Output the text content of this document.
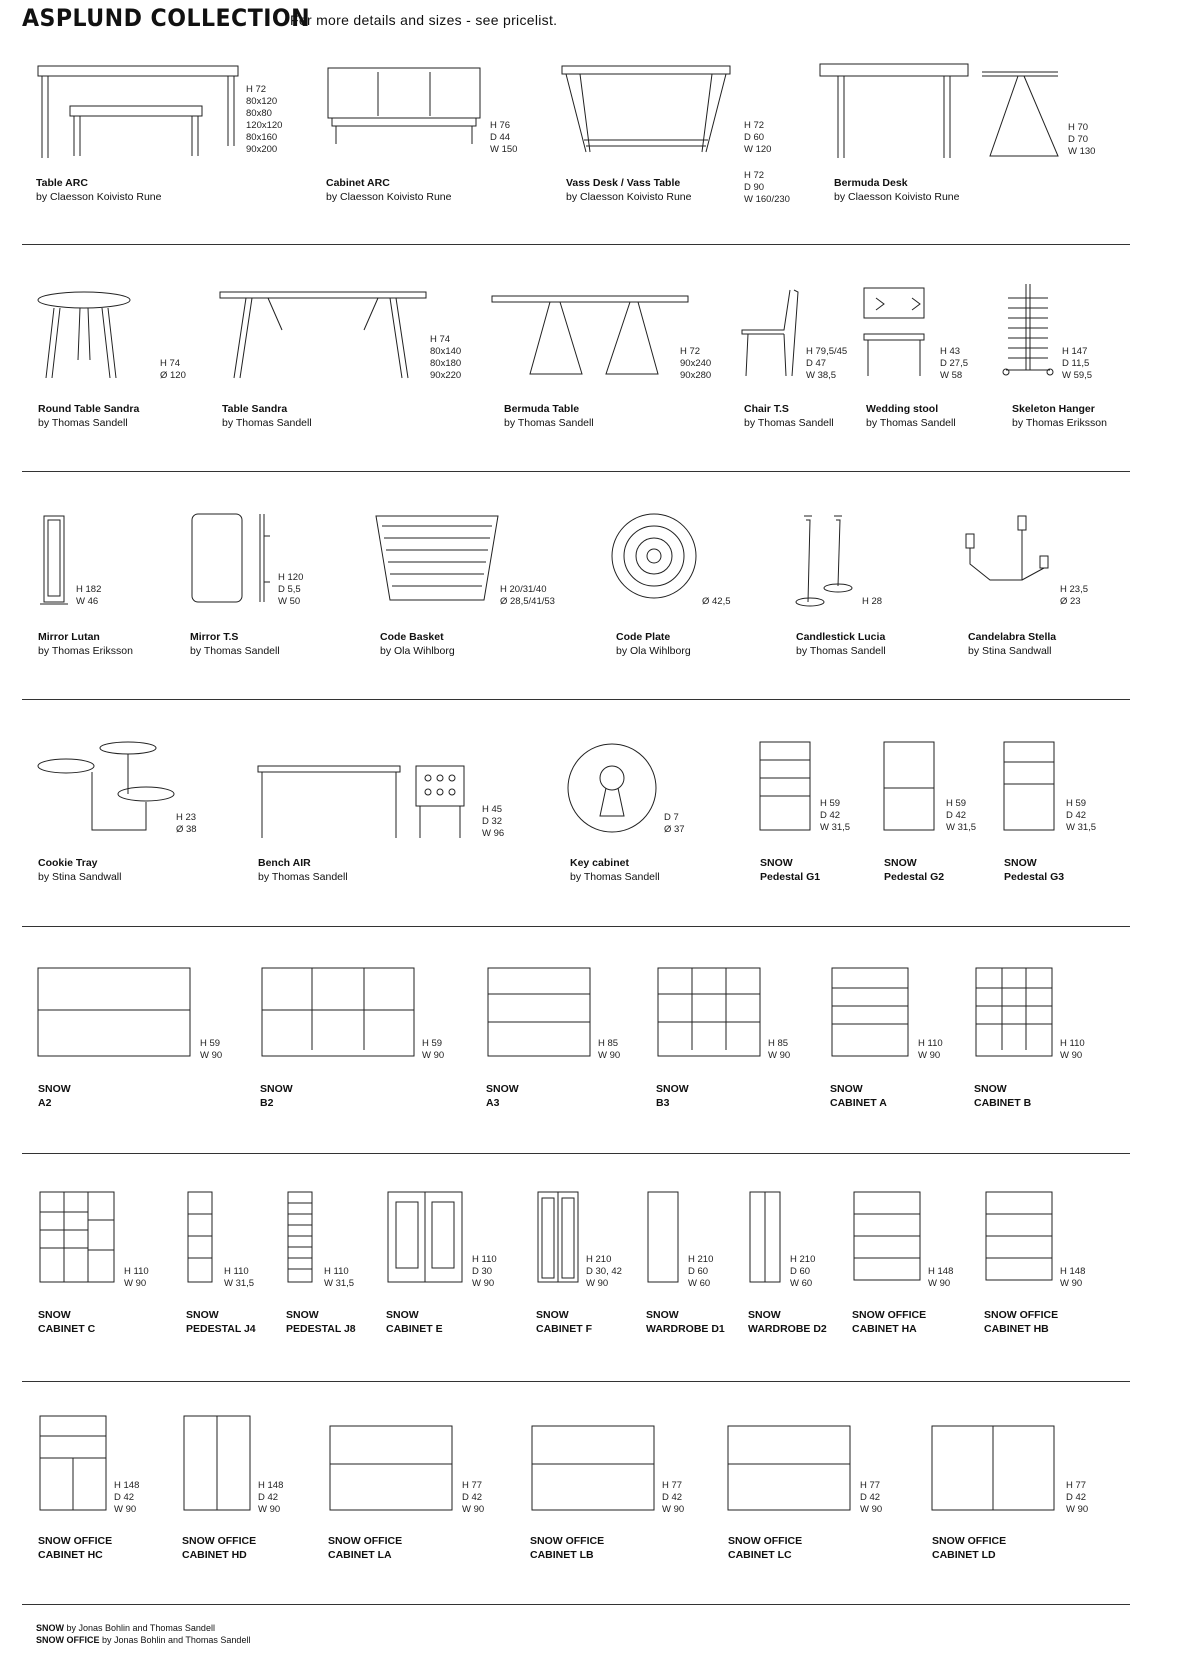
ASPLUND COLLECTION
For more details and sizes - see pricelist.
H 72
80x120
80x80
120x120
80x160
90x200
Table ARC
by Claesson Koivisto Rune
H 76
D 44
W 150
Cabinet ARC
by Claesson Koivisto Rune
H 72
D 60
W 120
H 72
D 90
W 160/230
Vass Desk / Vass Table
by Claesson Koivisto Rune
H 70
D 70
W 130
Bermuda Desk
by Claesson Koivisto Rune
H 74
Ø 120
Round Table Sandra
by Thomas Sandell
H 74
80x140
80x180
90x220
Table Sandra
by Thomas Sandell
H 72
90x240
90x280
Bermuda Table
by Thomas Sandell
H 79,5/45
D 47
W 38,5
Chair T.S
by Thomas Sandell
H 43
D 27,5
W 58
Wedding stool
by Thomas Sandell
H 147
D 11,5
W 59,5
Skeleton Hanger
by Thomas Eriksson
H 182
W 46
Mirror Lutan
by Thomas Eriksson
H 120
D 5,5
W 50
Mirror T.S
by Thomas Sandell
H 20/31/40
Ø 28,5/41/53
Code Basket
by Ola Wihlborg
Ø 42,5
Code Plate
by Ola Wihlborg
H 28
Candlestick Lucia
by Thomas Sandell
H 23,5
Ø 23
Candelabra Stella
by Stina Sandwall
H 23
Ø 38
Cookie Tray
by Stina Sandwall
H 45
D 32
W 96
Bench AIR
by Thomas Sandell
D 7
Ø 37
Key cabinet
by Thomas Sandell
H 59
D 42
W 31,5
SNOW
Pedestal G1
H 59
D 42
W 31,5
SNOW
Pedestal G2
H 59
D 42
W 31,5
SNOW
Pedestal G3
H 59
W 90
SNOW
A2
H 59
W 90
SNOW
B2
H 85
W 90
SNOW
A3
H 85
W 90
SNOW
B3
H 110
W 90
SNOW
CABINET A
H 110
W 90
SNOW
CABINET B
H 110
W 90
SNOW
CABINET C
H 110
W 31,5
SNOW
PEDESTAL J4
H 110
W 31,5
SNOW
PEDESTAL J8
H 110
D 30
W 90
SNOW
CABINET E
H 210
D 30, 42
W 90
SNOW
CABINET F
H 210
D 60
W 60
SNOW
WARDROBE D1
H 210
D 60
W 60
SNOW
WARDROBE D2
H 148
W 90
SNOW OFFICE
CABINET HA
H 148
W 90
SNOW OFFICE
CABINET HB
H 148
D 42
W 90
SNOW OFFICE
CABINET HC
H 148
D 42
W 90
SNOW OFFICE
CABINET HD
H 77
D 42
W 90
SNOW OFFICE
CABINET LA
H 77
D 42
W 90
SNOW OFFICE
CABINET LB
H 77
D 42
W 90
SNOW OFFICE
CABINET LC
H 77
D 42
W 90
SNOW OFFICE
CABINET LD
SNOW by Jonas Bohlin and Thomas Sandell
SNOW OFFICE by Jonas Bohlin and Thomas Sandell
